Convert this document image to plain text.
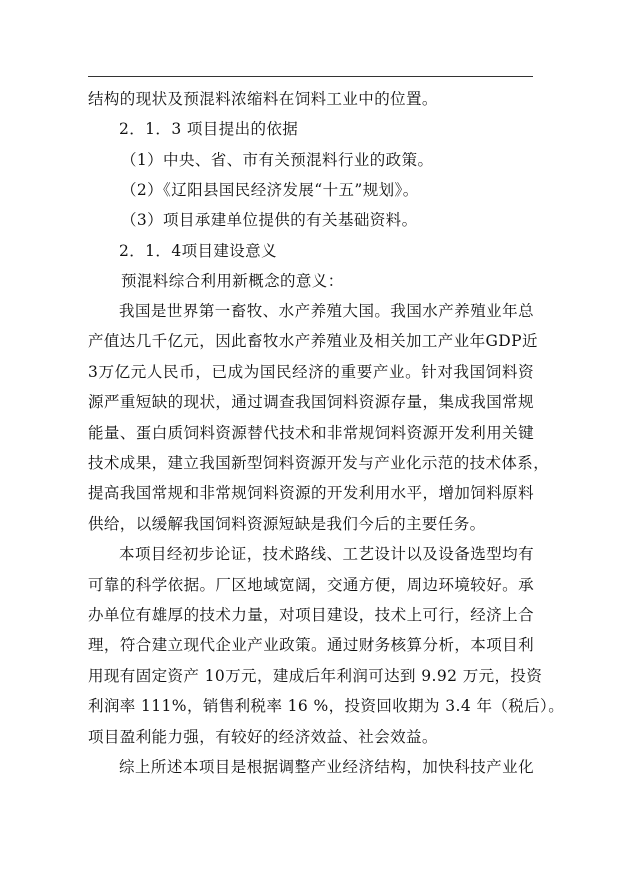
结构的现状及预混料浓缩料在饲料工业中的位置。
2．1．3 项目提出的依据
（1）中央、省、市有关预混料行业的政策。
（2）《辽阳县国民经济发展“十五”规划》。
（3）项目承建单位提供的有关基础资料。
2．1．4项目建设意义
预混料综合利用新概念的意义：
我国是世界第一畜牧、水产养殖大国。我国水产养殖业年总
产值达几千亿元，因此畜牧水产养殖业及相关加工产业年GDP近
3万亿元人民币，已成为国民经济的重要产业。针对我国饲料资
源严重短缺的现状，通过调查我国饲料资源存量，集成我国常规
能量、蛋白质饲料资源替代技术和非常规饲料资源开发利用关键
技术成果，建立我国新型饲料资源开发与产业化示范的技术体系，
提高我国常规和非常规饲料资源的开发利用水平，增加饲料原料
供给，以缓解我国饲料资源短缺是我们今后的主要任务。
本项目经初步论证，技术路线、工艺设计以及设备选型均有
可靠的科学依据。厂区地域宽阔，交通方便，周边环境较好。承
办单位有雄厚的技术力量，对项目建设，技术上可行，经济上合
理，符合建立现代企业产业政策。通过财务核算分析，本项目利
用现有固定资产 10万元，建成后年利润可达到 9.92 万元，投资
利润率 111%，销售利税率 16 %，投资回收期为 3.4 年（税后）。
项目盈利能力强，有较好的经济效益、社会效益。
综上所述本项目是根据调整产业经济结构，加快科技产业化
